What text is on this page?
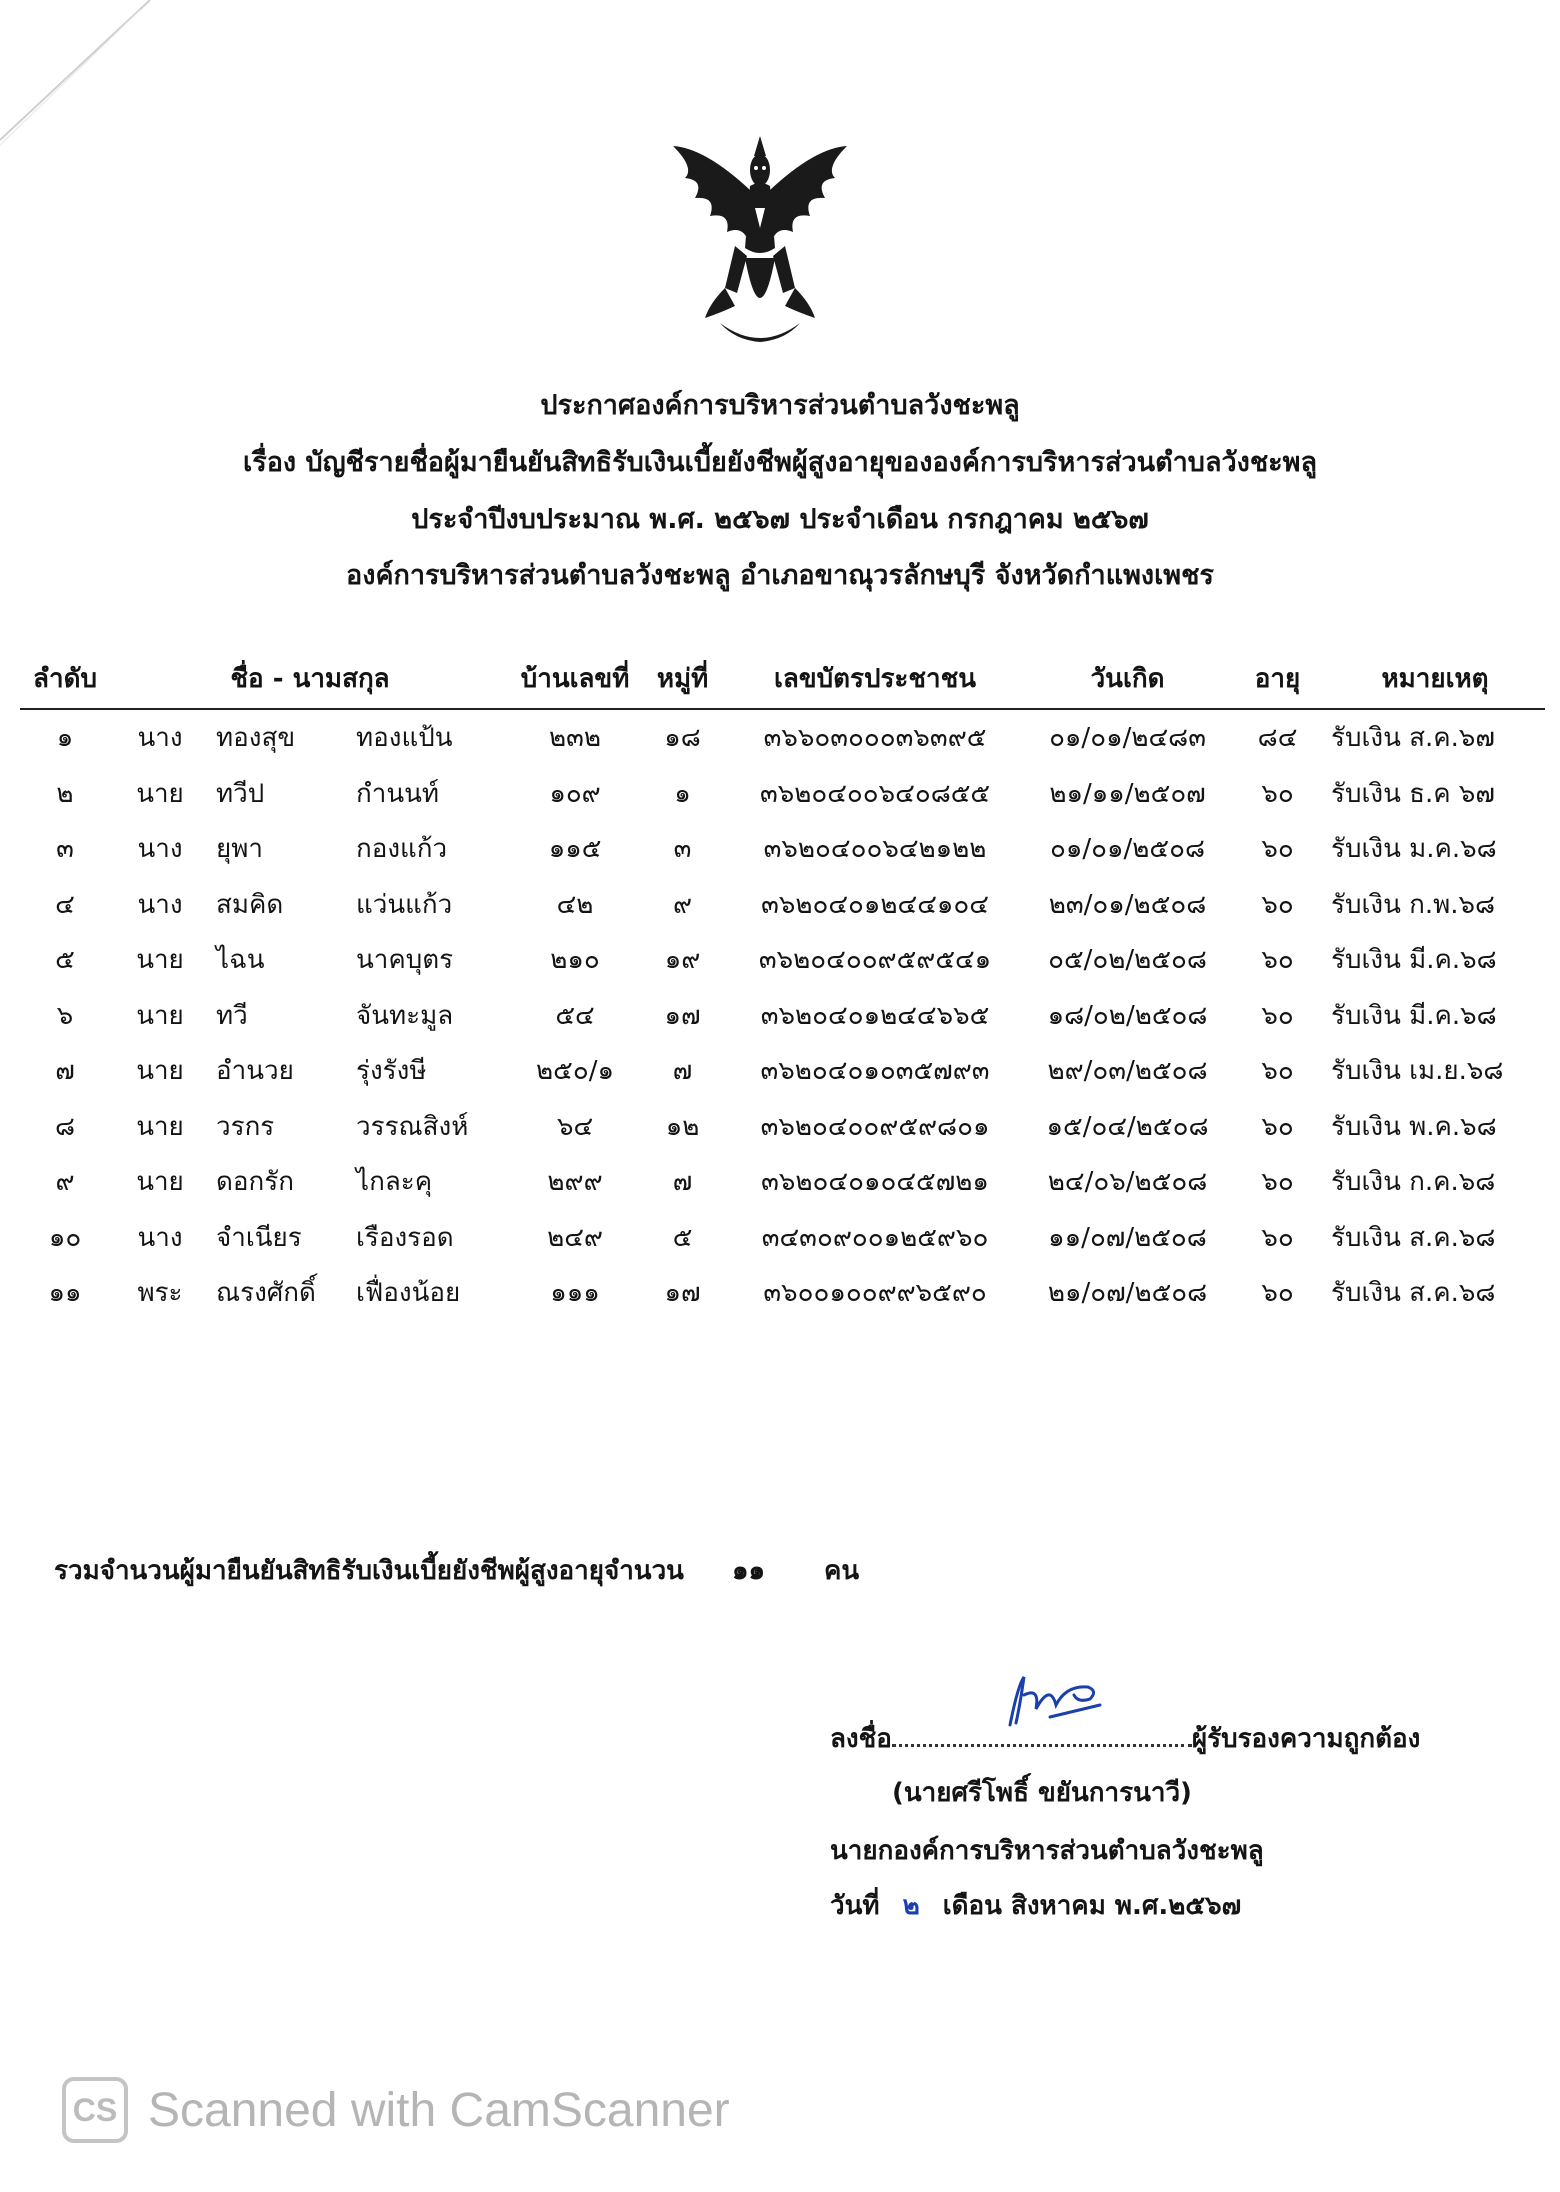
ประกาศองค์การบริหารส่วนตำบลวังชะพลู
เรื่อง บัญชีรายชื่อผู้มายืนยันสิทธิรับเงินเบี้ยยังชีพผู้สูงอายุขององค์การบริหารส่วนตำบลวังชะพลู
ประจำปีงบประมาณ พ.ศ. ๒๕๖๗ ประจำเดือน กรกฎาคม ๒๕๖๗
องค์การบริหารส่วนตำบลวังชะพลู อำเภอขาณุวรลักษบุรี จังหวัดกำแพงเพชร
ลำดับ	ชื่อ - นามสกุล			บ้านเลขที่	หมู่ที่	เลขบัตรประชาชน	วันเกิด	อายุ	หมายเหตุ
๑	นาง	ทองสุข	ทองแป้น	๒๓๒	๑๘	๓๖๖๐๓๐๐๐๓๖๓๙๕	๐๑/๐๑/๒๔๘๓	๘๔	รับเงิน ส.ค.๖๗
๒	นาย	ทวีป	กำนนท์	๑๐๙	๑	๓๖๒๐๔๐๐๖๔๐๘๕๕	๒๑/๑๑/๒๕๐๗	๖๐	รับเงิน ธ.ค ๖๗
๓	นาง	ยุพา	กองแก้ว	๑๑๕	๓	๓๖๒๐๔๐๐๖๔๒๑๒๒	๐๑/๐๑/๒๕๐๘	๖๐	รับเงิน ม.ค.๖๘
๔	นาง	สมคิด	แว่นแก้ว	๔๒	๙	๓๖๒๐๔๐๑๒๔๔๑๐๔	๒๓/๐๑/๒๕๐๘	๖๐	รับเงิน ก.พ.๖๘
๕	นาย	ไฉน	นาคบุตร	๒๑๐	๑๙	๓๖๒๐๔๐๐๙๕๙๕๔๑	๐๕/๐๒/๒๕๐๘	๖๐	รับเงิน มี.ค.๖๘
๖	นาย	ทวี	จันทะมูล	๕๔	๑๗	๓๖๒๐๔๐๑๒๔๔๖๖๕	๑๘/๐๒/๒๕๐๘	๖๐	รับเงิน มี.ค.๖๘
๗	นาย	อำนวย	รุ่งรังษี	๒๕๐/๑	๗	๓๖๒๐๔๐๑๐๓๕๗๙๓	๒๙/๐๓/๒๕๐๘	๖๐	รับเงิน เม.ย.๖๘
๘	นาย	วรกร	วรรณสิงห์	๖๔	๑๒	๓๖๒๐๔๐๐๙๕๙๘๐๑	๑๕/๐๔/๒๕๐๘	๖๐	รับเงิน พ.ค.๖๘
๙	นาย	ดอกรัก	ไกละคุ	๒๙๙	๗	๓๖๒๐๔๐๑๐๔๕๗๒๑	๒๔/๐๖/๒๕๐๘	๖๐	รับเงิน ก.ค.๖๘
๑๐	นาง	จำเนียร	เรืองรอด	๒๔๙	๕	๓๔๓๐๙๐๐๑๒๕๙๖๐	๑๑/๐๗/๒๕๐๘	๖๐	รับเงิน ส.ค.๖๘
๑๑	พระ	ณรงศักดิ์	เฟื่องน้อย	๑๑๑	๑๗	๓๖๐๐๑๐๐๙๙๖๕๙๐	๒๑/๐๗/๒๕๐๘	๖๐	รับเงิน ส.ค.๖๘
รวมจำนวนผู้มายืนยันสิทธิรับเงินเบี้ยยังชีพผู้สูงอายุจำนวน ๑๑ คน
ลงชื่อ	ผู้รับรองความถูกต้อง
(นายศรีโพธิ์ ขยันการนาวี)
นายกองค์การบริหารส่วนตำบลวังชะพลู
วันที่ ๒ เดือน สิงหาคม พ.ศ.๒๕๖๗
CS Scanned with CamScanner
